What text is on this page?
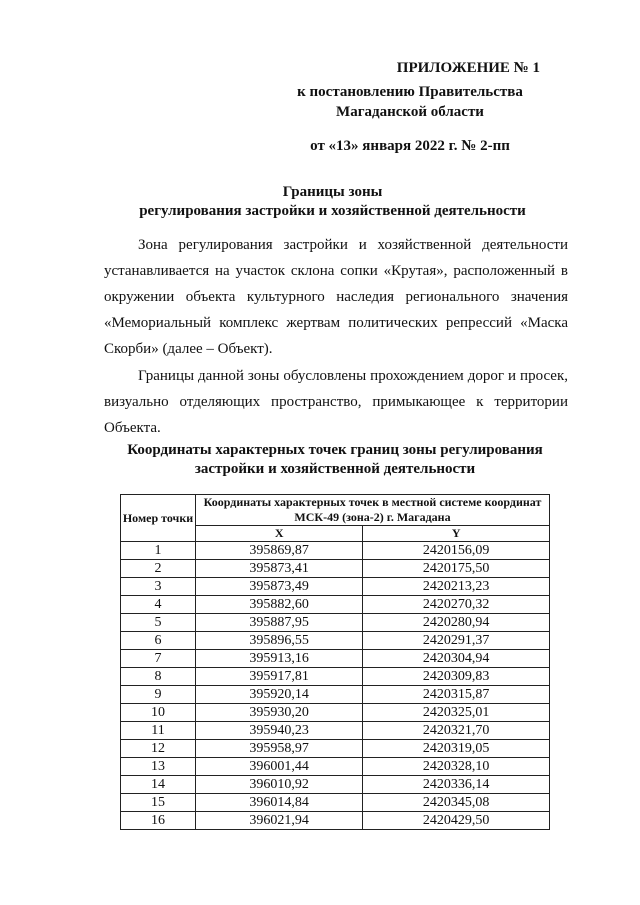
ПРИЛОЖЕНИЕ № 1
к постановлению Правительства
Магаданской области
от «13» января 2022 г. № 2-пп
Границы зоны
регулирования застройки и хозяйственной деятельности
Зона регулирования застройки и хозяйственной деятельности устанавливается на участок склона сопки «Крутая», расположенный в окружении объекта культурного наследия регионального значения «Мемориальный комплекс жертвам политических репрессий «Маска Скорби» (далее – Объект).
Границы данной зоны обусловлены прохождением дорог и просек, визуально отделяющих пространство, примыкающее к территории Объекта.
Координаты характерных точек границ зоны регулирования
застройки и хозяйственной деятельности
Номер точки	Координаты характерных точек в местной системе координат МСК-49 (зона-2) г. Магадана	
	X	Y
1	395869,87	2420156,09
2	395873,41	2420175,50
3	395873,49	2420213,23
4	395882,60	2420270,32
5	395887,95	2420280,94
6	395896,55	2420291,37
7	395913,16	2420304,94
8	395917,81	2420309,83
9	395920,14	2420315,87
10	395930,20	2420325,01
11	395940,23	2420321,70
12	395958,97	2420319,05
13	396001,44	2420328,10
14	396010,92	2420336,14
15	396014,84	2420345,08
16	396021,94	2420429,50
